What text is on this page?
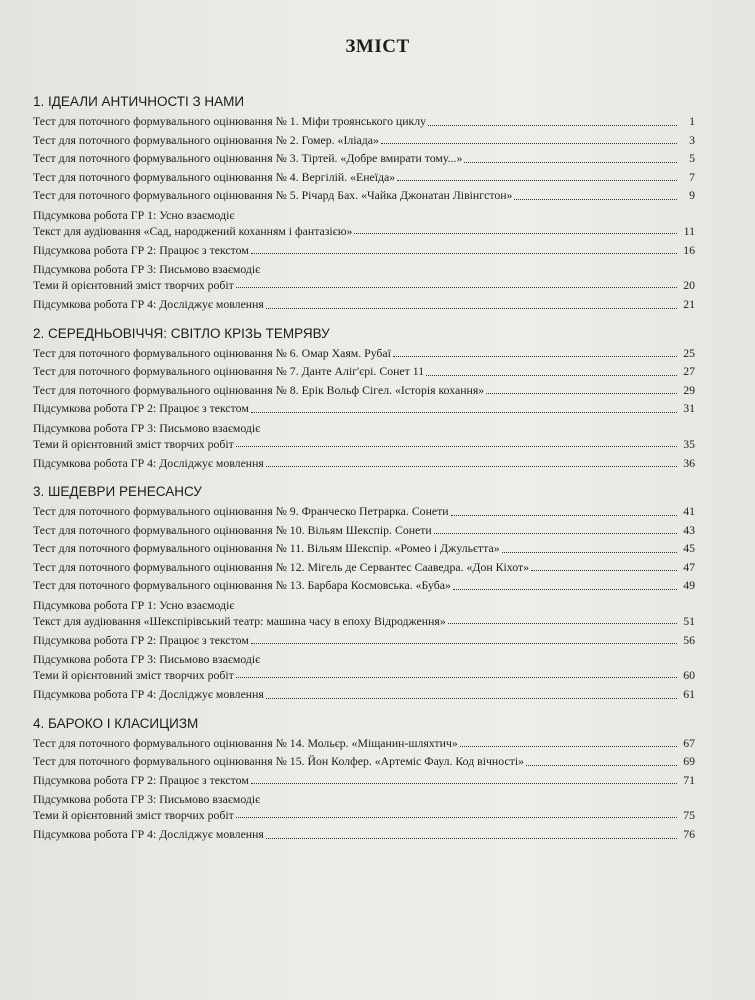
ЗМІСТ
1. ІДЕАЛИ АНТИЧНОСТІ З НАМИ
Тест для поточного формувального оцінювання № 1. Міфи троянського циклу	1
Тест для поточного формувального оцінювання № 2. Гомер. «Іліада»	3
Тест для поточного формувального оцінювання № 3. Тіртей. «Добре вмирати тому...»	5
Тест для поточного формувального оцінювання № 4. Вергілій. «Енеїда»	7
Тест для поточного формувального оцінювання № 5. Річард Бах. «Чайка Джонатан Лівінгстон»	9
Підсумкова робота ГР 1: Усно взаємодіє
Текст для аудіювання «Сад, народжений коханням і фантазією»	11
Підсумкова робота ГР 2: Працює з текстом	16
Підсумкова робота ГР 3: Письмово взаємодіє
Теми й орієнтовний зміст творчих робіт	20
Підсумкова робота ГР 4: Досліджує мовлення	21
2. СЕРЕДНЬОВІЧЧЯ: СВІТЛО КРІЗЬ ТЕМРЯВУ
Тест для поточного формувального оцінювання № 6. Омар Хаям. Рубаї	25
Тест для поточного формувального оцінювання № 7. Данте Аліг'єрі. Сонет 11	27
Тест для поточного формувального оцінювання № 8. Ерік Вольф Сігел. «Історія кохання»	29
Підсумкова робота ГР 2: Працює з текстом	31
Підсумкова робота ГР 3: Письмово взаємодіє
Теми й орієнтовний зміст творчих робіт	35
Підсумкова робота ГР 4: Досліджує мовлення	36
3. ШЕДЕВРИ РЕНЕСАНСУ
Тест для поточного формувального оцінювання № 9. Франческо Петрарка. Сонети	41
Тест для поточного формувального оцінювання № 10. Вільям Шекспір. Сонети	43
Тест для поточного формувального оцінювання № 11. Вільям Шекспір. «Ромео і Джульєтта»	45
Тест для поточного формувального оцінювання № 12. Мігель де Сервантес Сааведра. «Дон Кіхот»	47
Тест для поточного формувального оцінювання № 13. Барбара Космовська. «Буба»	49
Підсумкова робота ГР 1: Усно взаємодіє
Текст для аудіювання «Шекспірівський театр: машина часу в епоху Відродження»	51
Підсумкова робота ГР 2: Працює з текстом	56
Підсумкова робота ГР 3: Письмово взаємодіє
Теми й орієнтовний зміст творчих робіт	60
Підсумкова робота ГР 4: Досліджує мовлення	61
4. БАРОКО І КЛАСИЦИЗМ
Тест для поточного формувального оцінювання № 14. Мольєр. «Міщанин-шляхтич»	67
Тест для поточного формувального оцінювання № 15. Йон Колфер. «Артеміс Фаул. Код вічності»	69
Підсумкова робота ГР 2: Працює з текстом	71
Підсумкова робота ГР 3: Письмово взаємодіє
Теми й орієнтовний зміст творчих робіт	75
Підсумкова робота ГР 4: Досліджує мовлення	76
